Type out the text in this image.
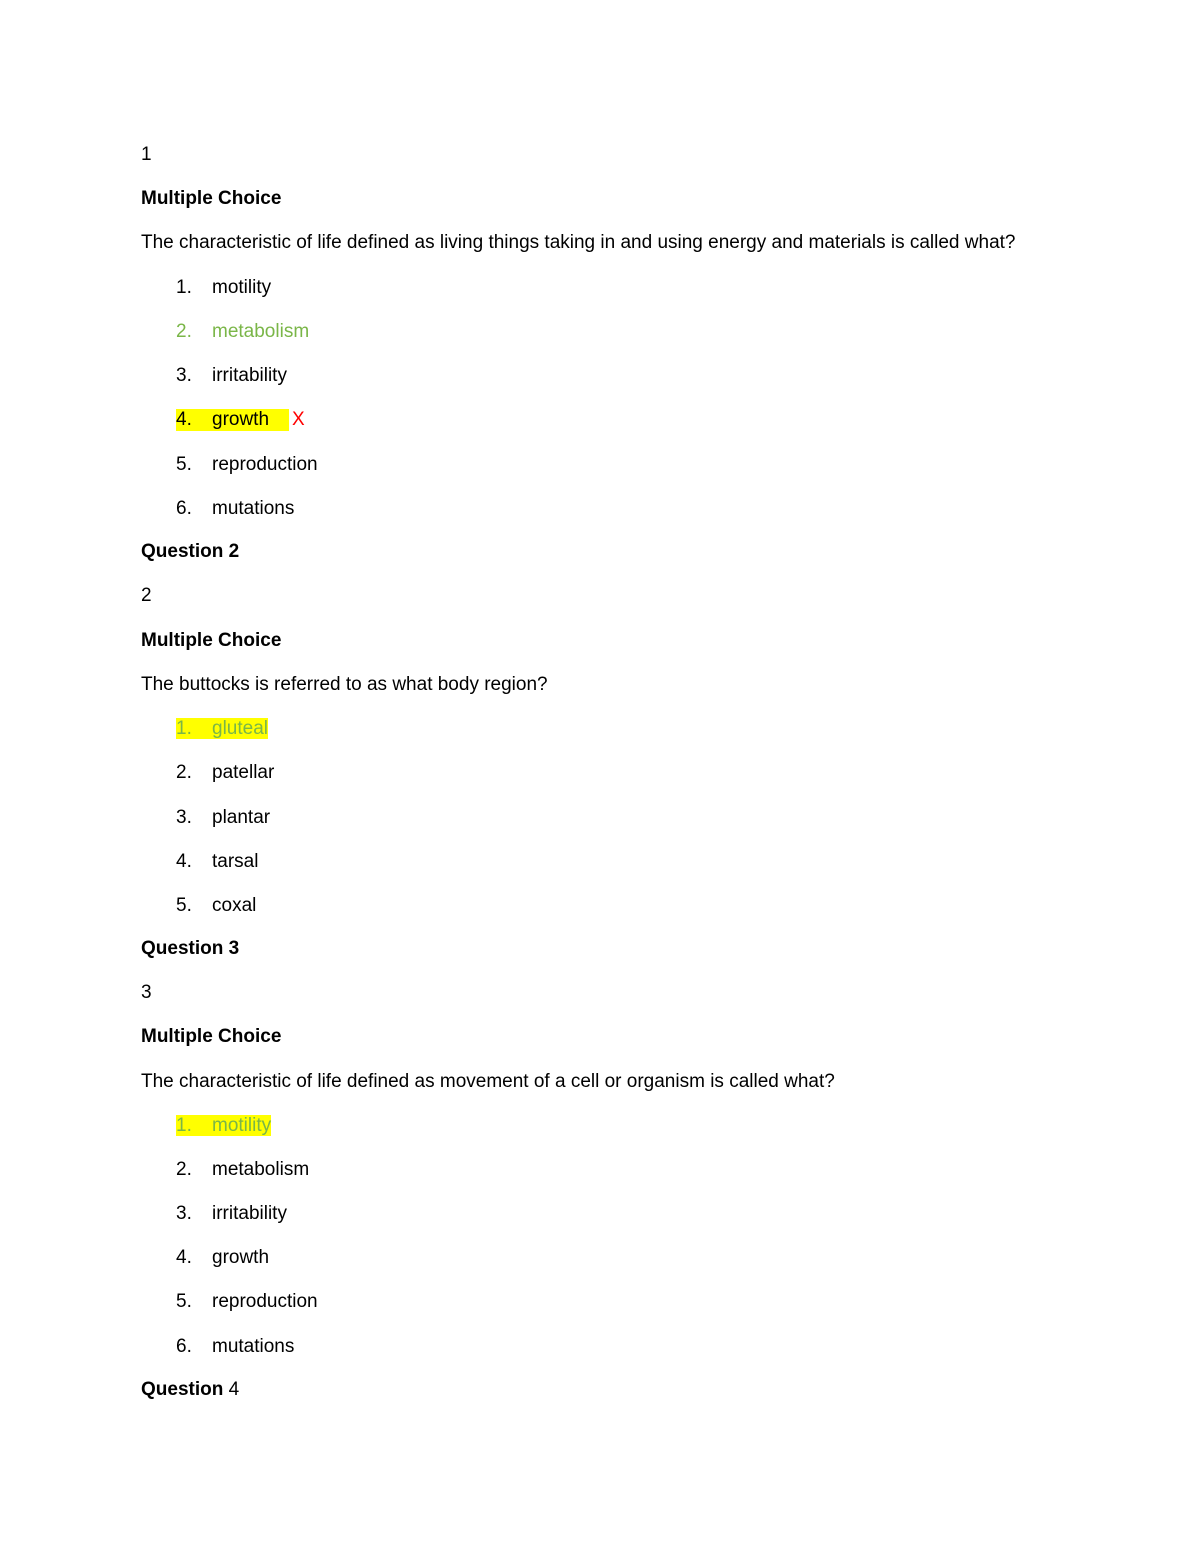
1
Multiple Choice
The characteristic of life defined as living things taking in and using energy and materials is called what?
1. motility
2. metabolism
3. irritability
4. growth	X
5. reproduction
6. mutations
Question 2
2
Multiple Choice
The buttocks is referred to as what body region?
1. gluteal
2. patellar
3. plantar
4. tarsal
5. coxal
Question 3
3
Multiple Choice
The characteristic of life defined as movement of a cell or organism is called what?
1. motility
2. metabolism
3. irritability
4. growth
5. reproduction
6. mutations
Question 4
